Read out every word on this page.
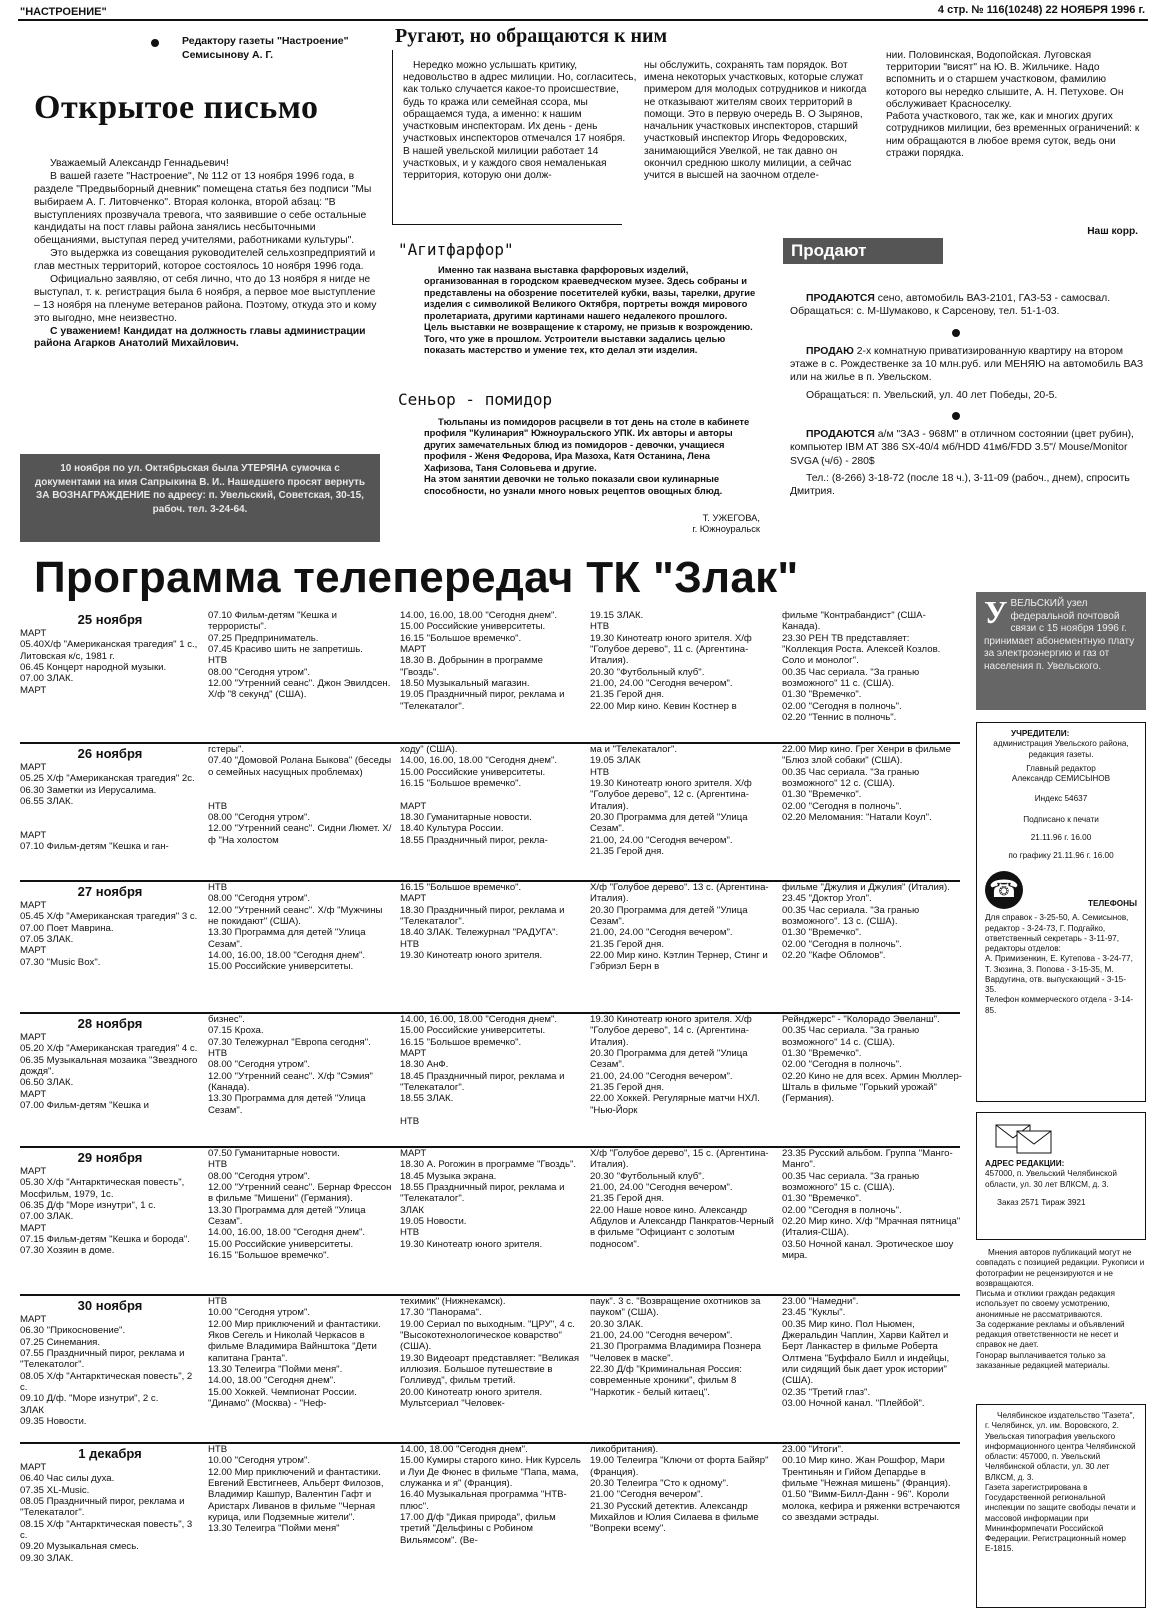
"НАСТРОЕНИЕ"	4 стр. № 116(10248) 22 НОЯБРЯ 1996 г.
Редактору газеты "Настроение"
Семисынову А. Г.
Открытое письмо

Уважаемый Александр Геннадьевич!

В вашей газете "Настроение", № 112 от 13 ноября 1996 года, в разделе "Предвыборный дневник" помещена статья без подписи "Мы выбираем А. Г. Литовченко". Вторая колонка, второй абзац: "В выступлениях прозвучала тревога, что заявившие о себе остальные кандидаты на пост главы района занялись несбыточными обещаниями, выступая перед учителями, работниками культуры".

Это выдержка из совещания руководителей сельхозпредприятий и глав местных территорий, которое состоялось 10 ноября 1996 года.

Официально заявляю, от себя лично, что до 13 ноября я нигде не выступал, т. к. регистрация была 6 ноября, а первое мое выступление – 13 ноября на пленуме ветеранов района. Поэтому, откуда это и кому это выгодно, мне неизвестно.

С уважением! Кандидат на должность главы администрации района Агарков Анатолий Михайлович.

10 ноября по ул. Октябрьская была УТЕРЯНА сумочка с документами на имя Сапрыкина В. И.. Нашедшего просят вернуть ЗА ВОЗНАГРАЖДЕНИЕ по адресу: п. Увельский, Советская, 30-15, рабоч. тел. 3-24-64.
Ругают, но обращаются к ним
Нередко можно услышать критику, недовольство в адрес милиции. Но, согласитесь, как только случается какое-то происшествие, будь то кража или семейная ссора, мы обращаемся туда, а именно: к нашим участковым инспекторам. Их день - день участковых инспекторов отмечался 17 ноября.
В нашей увельской милиции работает 14 участковых, и у каждого своя немаленькая территория, которую они долж-
ны обслужить, сохранять там порядок. Вот имена некоторых участковых, которые служат примером для молодых сотрудников и никогда не отказывают жителям своих территорий в помощи. Это в первую очередь В. О Зырянов, начальник участковых инспекторов, старший участковый инспектор Игорь Федоровских, занимающийся Увелкой, не так давно он окончил среднюю школу милиции, а сейчас учится в высшей на заочном отделе-
нии. Половинская, Водопойская. Луговская территории "висят" на Ю. В. Жильчике. Надо вспомнить и о старшем участковом, фамилию которого вы нередко слышите, А. Н. Петухове. Он обслуживает Красноселку.
Работа участкового, так же, как и многих других сотрудников милиции, без временных ограничений: к ним обращаются в любое время суток, ведь они стражи порядка.
Наш корр.
"Агитфарфор"
Именно так названа выставка фарфоровых изделий, организованная в городском краеведческом музее. Здесь собраны и представлены на обозрение посетителей кубки, вазы, тарелки, другие изделия с символикой Великого Октября, портреты вождя мирового пролетариата, другими картинами нашего недалекого прошлого.
Цель выставки не возвращение к старому, не призыв к возрождению. Того, что уже в прошлом. Устроители выставки задались целью показать мастерство и умение тех, кто делал эти изделия.
Сеньор - помидор
Тюльпаны из помидоров расцвели в тот день на столе в кабинете профиля "Кулинария" Южноуральского УПК. Их авторы и авторы других замечательных блюд из помидоров - девочки, учащиеся профиля - Женя Федорова, Ира Мазоха, Катя Останина, Лена Хафизова, Таня Соловьева и другие.
На этом занятии девочки не только показали свои кулинарные способности, но узнали много новых рецептов овощных блюд.
Т. УЖЕГОВА,
г. Южноуральск
Продают

ПРОДАЮТСЯ сено, автомобиль ВАЗ-2101, ГАЗ-53 - самосвал. Обращаться: с. М-Шумаково, к Сарсенову, тел. 51-1-03.

ПРОДАЮ 2-х комнатную приватизированную квартиру на втором этаже в с. Рождественке за 10 млн.руб. или МЕНЯЮ на автомобиль ВАЗ или на жилье в п. Увельском.

Обращаться: п. Увельский, ул. 40 лет Победы, 20-5.

ПРОДАЮТСЯ а/м "ЗАЗ - 968М" в отличном состоянии (цвет рубин), компьютер IBM AT 386 SX-40/4 мб/HDD 41м6/FDD 3.5"/ Mouse/Monitor SVGA (ч/б) - 280$

Тел.: (8-266) 3-18-72 (после 18 ч.), 3-11-09 (рабоч., днем), спросить Дмитрия.

Программа телепередач ТК "Злак"
25 ноября
МАРТ
05.40Х/ф "Американская трагедия" 1 с., Литовская к/с, 1981 г.
06.45 Концерт народной музыки.
07.00 ЗЛАК.
МАРТ
07.10 Фильм-детям "Кешка и террористы".
07.25 Предприниматель.
07.45 Красиво шить не запретишь.
НТВ
08.00 "Сегодня утром".
12.00 "Утренний сеанс". Джон Эвилдсен. Х/ф "8 секунд" (США).
14.00, 16.00, 18.00 "Сегодня днем".
15.00 Российские университеты.
16.15 "Большое времечко".
МАРТ
18.30 В. Добрынин в программе "Гвоздь".
18.50 Музыкальный магазин.
19.05 Праздничный пирог, реклама и "Телекаталог".
19.15 ЗЛАК.
НТВ
19.30 Кинотеатр юного зрителя. Х/ф "Голубое дерево", 11 с. (Аргентина-Италия).
20.30 "Футбольный клуб".
21.00, 24.00 "Сегодня вечером".
21.35 Герой дня.
22.00 Мир кино. Кевин Костнер в
фильме "Контрабандист" (США-Канада).
23.30 РЕН ТВ представляет: "Коллекция Роста. Алексей Козлов. Соло и монолог".
00.35 Час сериала. "За гранью возможного" 11 с. (США).
01.30 "Времечко".
02.00 "Сегодня в полночь".
02.20 "Теннис в полночь".
26 ноября
МАРТ
05.25 Х/ф "Американская трагедия" 2с.
06.30 Заметки из Иерусалима.
06.55 ЗЛАК.

МАРТ
07.10 Фильм-детям "Кешка и ган-
гстеры".
07.40 "Домовой Ролана Быкова" (беседы о семейных насущных проблемах)

НТВ
08.00 "Сегодня утром".
12.00 "Утренний сеанс". Сидни Люмет. Х/ф "На холостом
ходу" (США).
14.00, 16.00, 18.00 "Сегодня днем".
15.00 Российские университеты.
16.15 "Большое времечко".

МАРТ
18.30 Гуманитарные новости.
18.40 Культура России.
18.55 Праздничный пирог, рекла-
ма и "Телекаталог".
19.05 ЗЛАК
НТВ
19.30 Кинотеатр юного зрителя. Х/ф "Голубое дерево", 12 с. (Аргентина-Италия).
20.30 Программа для детей "Улица Сезам".
21.00, 24.00 "Сегодня вечером".
21.35 Герой дня.
22.00 Мир кино. Грег Хенри в фильме "Блюз злой собаки" (США).
00.35 Час сериала. "За гранью возможного" 12 с. (США).
01.30 "Времечко".
02.00 "Сегодня в полночь".
02.20 Меломания: "Натали Коул".
27 ноября
МАРТ
05.45 Х/ф "Американская трагедия" 3 с.
07.00 Поет Маврина.
07.05 ЗЛАК.
МАРТ
07.30 "Music Box".
НТВ
08.00 "Сегодня утром".
12.00 "Утренний сеанс". Х/ф "Мужчины не покидают" (США).
13.30 Программа для детей "Улица Сезам".
14.00, 16.00, 18.00 "Сегодня днем".
15.00 Российские университеты.
16.15 "Большое времечко".
МАРТ
18.30 Праздничный пирог, реклама и "Телекаталог".
18.40 ЗЛАК. Тележурнал "РАДУГА".
НТВ
19.30 Кинотеатр юного зрителя.
Х/ф "Голубое дерево". 13 с. (Аргентина-Италия).
20.30 Программа для детей "Улица Сезам".
21.00, 24.00 "Сегодня вечером".
21.35 Герой дня.
22.00 Мир кино. Кэтлин Тернер, Стинг и Гэбриэл Берн в
фильме "Джулия и Джулия" (Италия).
23.45 "Доктор Угол".
00.35 Час сериала. "За гранью возможного". 13 с. (США).
01.30 "Времечко".
02.00 "Сегодня в полночь".
02.20 "Кафе Обломов".
28 ноября
МАРТ
05.20 Х/ф "Американская трагедия" 4 с.
06.35 Музыкальная мозаика "Звездного дождя".
06.50 ЗЛАК.
МАРТ
07.00 Фильм-детям "Кешка и
бизнес".
07.15 Кроха.
07.30 Тележурнал "Европа сегодня".
НТВ
08.00 "Сегодня утром".
12.00 "Утренний сеанс". Х/ф "Сэмия" (Канада).
13.30 Программа для детей "Улица Сезам".
14.00, 16.00, 18.00 "Сегодня днем".
15.00 Российские университеты.
16.15 "Большое времечко".
МАРТ
18.30 АнФ.
18.45 Праздничный пирог, реклама и "Телекаталог".
18.55 ЗЛАК.

НТВ
19.30 Кинотеатр юного зрителя. Х/ф "Голубое дерево", 14 с. (Аргентина-Италия).
20.30 Программа для детей "Улица Сезам".
21.00, 24.00 "Сегодня вечером".
21.35 Герой дня.
22.00 Хоккей. Регулярные матчи НХЛ. "Нью-Йорк
Рейнджерс" - "Колорадо Эвеланш".
00.35 Час сериала. "За гранью возможного" 14 с. (США).
01.30 "Времечко".
02.00 "Сегодня в полночь".
02.20 Кино не для всех. Армин Мюллер-Шталь в фильме "Горький урожай" (Германия).
29 ноября
МАРТ
05.30 Х/ф "Антарктическая повесть", Мосфильм, 1979, 1с.
06.35 Д/ф "Море изнутри", 1 с.
07.00 ЗЛАК.
МАРТ
07.15 Фильм-детям "Кешка и борода".
07.30 Хозяин в доме.
07.50 Гуманитарные новости.
НТВ
08.00 "Сегодня утром".
12.00 "Утренний сеанс". Бернар Фрессон в фильме "Мишени" (Германия).
13.30 Программа для детей "Улица Сезам".
14.00, 16.00, 18.00 "Сегодня днем".
15.00 Российские университеты.
16.15 "Большое времечко".
МАРТ
18.30 А. Рогожин в программе "Гвоздь".
18.45 Музыка экрана.
18.55 Праздничный пирог, реклама и "Телекаталог".
ЗЛАК
19.05 Новости.
НТВ
19.30 Кинотеатр юного зрителя.
Х/ф "Голубое дерево", 15 с. (Аргентина-Италия).
20.30 "Футбольный клуб".
21.00, 24.00 "Сегодня вечером".
21.35 Герой дня.
22.00 Наше новое кино. Александр Абдулов и Александр Панкратов-Черный в фильме "Официант с золотым подносом".
23.35 Русский альбом. Группа "Манго-Манго".
00.35 Час сериала. "За гранью возможного" 15 с. (США).
01.30 "Времечко".
02.00 "Сегодня в полночь".
02.20 Мир кино. Х/ф "Мрачная пятница" (Италия-США).
03.50 Ночной канал. Эротическое шоу мира.
30 ноября
МАРТ
06.30 "Прикосновение".
07.25 Синемания.
07.55 Праздничный пирог, реклама и "Телекатолог".
08.05 Х/ф "Антарктическая повесть", 2 с.
09.10 Д/ф. "Море изнутри", 2 с.
ЗЛАК
09.35 Новости.
НТВ
10.00 "Сегодня утром".
12.00 Мир приключений и фантастики. Яков Сегель и Николай Черкасов в фильме Владимира Вайнштока "Дети капитана Гранта".
13.30 Телеигра "Пойми меня".
14.00, 18.00 "Сегодня днем".
15.00 Хоккей. Чемпионат России. "Динамо" (Москва) - "Неф-
техимик" (Нижнекамск).
17.30 "Панорама".
19.00 Сериал по выходным. "ЦРУ", 4 с. "Высокотехнологическое коварство" (США).
19.30 Видеоарт представляет: "Великая иллюзия. Большое путешествие в Голливуд", фильм третий.
20.00 Кинотеатр юного зрителя. Мультсериал "Человек-
паук". 3 с. "Возвращение охотников за пауком" (США).
20.30 ЗЛАК.
21.00, 24.00 "Сегодня вечером".
21.30 Программа Владимира Познера "Человек в маске".
22.30 Д/ф "Криминальная Россия: современные хроники", фильм 8 "Наркотик - белый китаец".
23.00 "Намедни".
23.45 "Куклы".
00.35 Мир кино. Пол Ньюмен, Джеральдин Чаплин, Харви Кайтел и Берт Ланкастер в фильме Роберта Олтмена "Буффало Билл и индейцы, или сидящий бык дает урок истории" (США).
02.35 "Третий глаз".
03.00 Ночной канал. "Плейбой".
1 декабря
МАРТ
06.40 Час силы духа.
07.35 XL-Music.
08.05 Праздничный пирог, реклама и "Телекаталог".
08.15 Х/ф "Антарктическая повесть", 3 с.
09.20 Музыкальная смесь.
09.30 ЗЛАК.
НТВ
10.00 "Сегодня утром".
12.00 Мир приключений и фантастики. Евгений Евстигнеев, Альберт Филозов, Владимир Кашпур, Валентин Гафт и Аристарх Ливанов в фильме "Черная курица, или Подземные жители".
13.30 Телеигра "Пойми меня"
14.00, 18.00 "Сегодня днем".
15.00 Кумиры старого кино. Ник Курсель и Луи Де Фюнес в фильме "Папа, мама, служанка и я" (Франция).
16.40 Музыкальная программа "НТВ-плюс".
17.00 Д/ф "Дикая природа", фильм третий "Дельфины с Робином Вильямсом". (Ве-
ликобритания).
19.00 Телеигра "Ключи от форта Байяр" (Франция).
20.30 Телеигра "Сто к одному".
21.00 "Сегодня вечером".
21.30 Русский детектив. Александр Михайлов и Юлия Силаева в фильме "Вопреки всему".
23.00 "Итоги".
00.10 Мир кино. Жан Рошфор, Мари Трентиньян и Гийом Депардье в фильме "Нежная мишень" (Франция).
01.50 "Вимм-Билл-Данн - 96". Короли молока, кефира и ряженки встречаются со звездами эстрады.
УВЕЛЬСКИЙ узел федеральной почтовой связи с 15 ноября 1996 г. принимает абонементную плату за электроэнергию и газ от населения п. Увельского.
УЧРЕДИТЕЛИ:
администрация Увельского района, редакция газеты.
Главный редактор
Александр СЕМИСЫНОВ
Индекс 54637
Подписано к печати
21.11.96 г. 16.00
по графику 21.11.96 г. 16.00
☎
ТЕЛЕФОНЫ
Для справок - 3-25-50, А. Семисынов, редактор - 3-24-73, Г. Подгайко, ответственный секретарь - 3-11-97, редакторы отделов:
А. Примизенкин, Е. Кутепова - 3-24-77, Т. Зюзина, З. Попова - 3-15-35, М. Вардугина, отв. выпускающий - 3-15-35.
Телефон коммерческого отдела - 3-14-85.
АДРЕС РЕДАКЦИИ:
457000, п. Увельский Челябинской области, ул. 30 лет ВЛКСМ, д. 3.
Заказ 2571 Тираж 3921
Мнения авторов публикаций могут не совпадать с позицией редакции. Рукописи и фотографии не рецензируются и не возвращаются.
Письма и отклики граждан редакция использует по своему усмотрению, анонимные не рассматриваются.
За содержание рекламы и объявлений редакция ответственности не несет и справок не дает.
Гонорар выплачивается только за заказанные редакцией материалы.
Челябинское издательство "Газета", г. Челябинск, ул. им. Воровского, 2.
Увельская типография увельского информационного центра Челябинской области: 457000, п. Увельский Челябинской области, ул. 30 лет ВЛКСМ, д. 3.
Газета зарегистрирована в Государственной региональной инспекции по защите свободы печати и массовой информации при Мининформпечати Российской Федерации. Регистрационный номер Е-1815.
